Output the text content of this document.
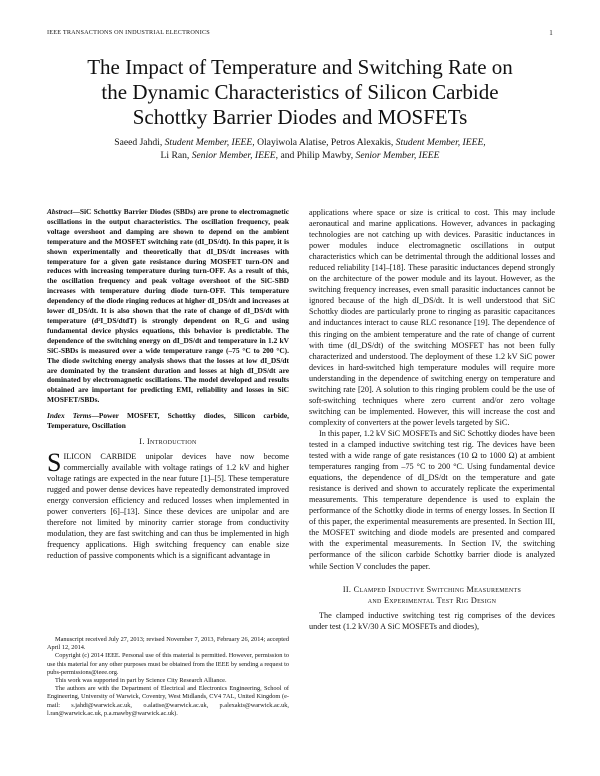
IEEE TRANSACTIONS ON INDUSTRIAL ELECTRONICS	1
The Impact of Temperature and Switching Rate on
the Dynamic Characteristics of Silicon Carbide
Schottky Barrier Diodes and MOSFETs
Saeed Jahdi, Student Member, IEEE, Olayiwola Alatise, Petros Alexakis, Student Member, IEEE,
Li Ran, Senior Member, IEEE, and Philip Mawby, Senior Member, IEEE

Abstract—SiC Schottky Barrier Diodes (SBDs) are prone to electromagnetic oscillations in the output characteristics. The oscillation frequency, peak voltage overshoot and damping are shown to depend on the ambient temperature and the MOSFET switching rate (dI_DS/dt). In this paper, it is shown experimentally and theoretically that dI_DS/dt increases with temperature for a given gate resistance during MOSFET turn-ON and reduces with increasing temperature during turn-OFF. As a result of this, the oscillation frequency and peak voltage overshoot of the SiC-SBD increases with temperature during diode turn-OFF. This temperature dependency of the diode ringing reduces at higher dI_DS/dt and increases at lower dI_DS/dt. It is also shown that the rate of change of dI_DS/dt with temperature (d²I_DS/dtdT) is strongly dependent on R_G and using fundamental device physics equations, this behavior is predictable. The dependence of the switching energy on dI_DS/dt and temperature in 1.2 kV SiC-SBDs is measured over a wide temperature range (–75 °C to 200 °C). The diode switching energy analysis shows that the losses at low dI_DS/dt are dominated by the transient duration and losses at high dI_DS/dt are dominated by electromagnetic oscillations. The model developed and results obtained are important for predicting EMI, reliability and losses in SiC MOSFET/SBDs.

Index Terms—Power MOSFET, Schottky diodes, Silicon carbide, Temperature, Oscillation

I. Introduction

SILICON CARBIDE unipolar devices have now become commercially available with voltage ratings of 1.2 kV and higher voltage ratings are expected in the near future [1]–[5]. These temperature rugged and power dense devices have repeatedly demonstrated improved energy conversion efficiency and reduced losses when implemented in power converters [6]–[13]. Since these devices are unipolar and are therefore not limited by minority carrier storage from conductivity modulation, they are fast switching and can thus be implemented in high frequency applications. High switching frequency can enable size reduction of passive components which is a significant advantage in

Manuscript received July 27, 2013; revised November 7, 2013, February 26, 2014; accepted April 12, 2014.

Copyright (c) 2014 IEEE. Personal use of this material is permitted. However, permission to use this material for any other purposes must be obtained from the IEEE by sending a request to pubs-permissions@ieee.org.

This work was supported in part by Science City Research Alliance.

The authors are with the Department of Electrical and Electronics Engineering, School of Engineering, University of Warwick, Coventry, West Midlands, CV4 7AL, United Kingdom (e-mail: s.jahdi@warwick.ac.uk, o.alatise@warwick.ac.uk, p.alexakis@warwick.ac.uk, l.ran@warwick.ac.uk, p.a.mawby@warwick.ac.uk).

applications where space or size is critical to cost. This may include aeronautical and marine applications. However, advances in packaging technologies are not catching up with devices. Parasitic inductances in power modules induce electromagnetic oscillations in output characteristics which can be detrimental through the additional losses and reduced reliability [14]–[18]. These parasitic inductances depend strongly on the architecture of the power module and its layout. However, as the switching frequency increases, even small parasitic inductances cannot be ignored because of the high dI_DS/dt. It is well understood that SiC Schottky diodes are particularly prone to ringing as parasitic capacitances and inductances interact to cause RLC resonance [19]. The dependence of this ringing on the ambient temperature and the rate of change of current with time (dI_DS/dt) of the switching MOSFET has not been fully characterized and understood. The deployment of these 1.2 kV SiC power devices in hard-switched high temperature modules will require more understanding in the dependence of switching energy on temperature and switching rate [20]. A solution to this ringing problem could be the use of soft-switching techniques where zero current and/or zero voltage switching can be implemented. However, this will increase the cost and complexity of converters at the power levels targeted by SiC.

In this paper, 1.2 kV SiC MOSFETs and SiC Schottky diodes have been tested in a clamped inductive switching test rig. The devices have been tested with a wide range of gate resistances (10 Ω to 1000 Ω) at ambient temperatures ranging from –75 °C to 200 °C. Using fundamental device equations, the dependence of dI_DS/dt on the temperature and gate resistance is derived and shown to accurately replicate the experimental measurements. This temperature dependence is used to explain the performance of the Schottky diode in terms of energy losses. In Section II of this paper, the experimental measurements are presented. In Section III, the MOSFET switching and diode models are presented and compared with the experimental measurements. In Section IV, the switching performance of the silicon carbide Schottky barrier diode is analyzed while Section V concludes the paper.

II. Clamped Inductive Switching Measurements
and Experimental Test Rig Design

The clamped inductive switching test rig comprises of the devices under test (1.2 kV/30 A SiC MOSFETs and diodes),
